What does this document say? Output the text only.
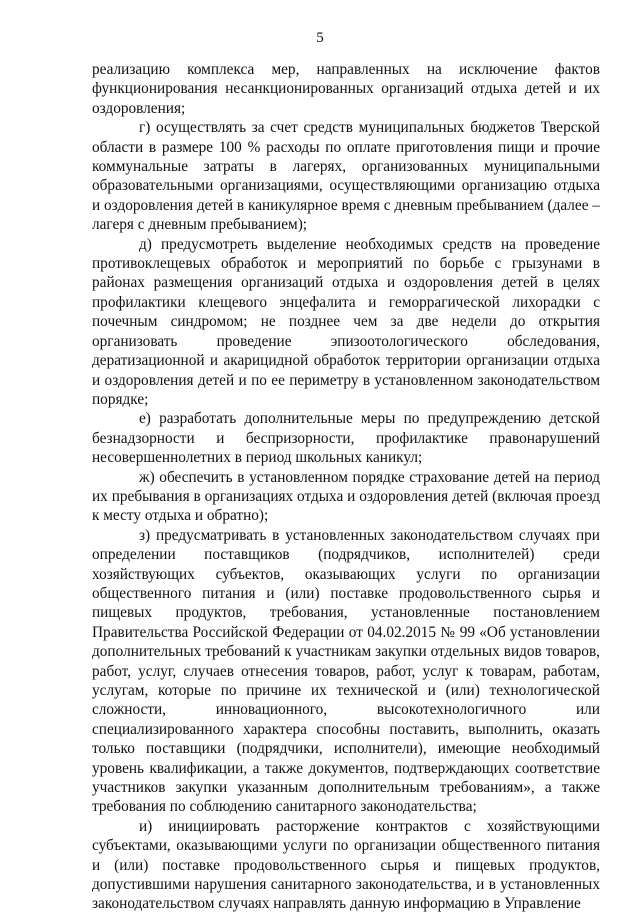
5

реализацию комплекса мер, направленных на исключение фактов функционирования несанкционированных организаций отдыха детей и их оздоровления;

г) осуществлять за счет средств муниципальных бюджетов Тверской области в размере 100 % расходы по оплате приготовления пищи и прочие коммунальные затраты в лагерях, организованных муниципальными образовательными организациями, осуществляющими организацию отдыха и оздоровления детей в каникулярное время с дневным пребыванием (далее – лагеря с дневным пребыванием);

д) предусмотреть выделение необходимых средств на проведение противоклещевых обработок и мероприятий по борьбе с грызунами в районах размещения организаций отдыха и оздоровления детей в целях профилактики клещевого энцефалита и геморрагической лихорадки с почечным синдромом; не позднее чем за две недели до открытия организовать проведение эпизоотологического обследования, дератизационной и акарицидной обработок территории организации отдыха и оздоровления детей и по ее периметру в установленном законодательством порядке;

е) разработать дополнительные меры по предупреждению детской безнадзорности и беспризорности, профилактике правонарушений несовершеннолетних в период школьных каникул;

ж) обеспечить в установленном порядке страхование детей на период их пребывания в организациях отдыха и оздоровления детей (включая проезд к месту отдыха и обратно);

з) предусматривать в установленных законодательством случаях при определении поставщиков (подрядчиков, исполнителей) среди хозяйствующих субъектов, оказывающих услуги по организации общественного питания и (или) поставке продовольственного сырья и пищевых продуктов, требования, установленные постановлением Правительства Российской Федерации от 04.02.2015 № 99 «Об установлении дополнительных требований к участникам закупки отдельных видов товаров, работ, услуг, случаев отнесения товаров, работ, услуг к товарам, работам, услугам, которые по причине их технической и (или) технологической сложности, инновационного, высокотехнологичного или специализированного характера способны поставить, выполнить, оказать только поставщики (подрядчики, исполнители), имеющие необходимый уровень квалификации, а также документов, подтверждающих соответствие участников закупки указанным дополнительным требованиям», а также требования по соблюдению санитарного законодательства;

и) инициировать расторжение контрактов с хозяйствующими субъектами, оказывающими услуги по организации общественного питания и (или) поставке продовольственного сырья и пищевых продуктов, допустившими нарушения санитарного законодательства, и в установленных законодательством случаях направлять данную информацию в Управление
